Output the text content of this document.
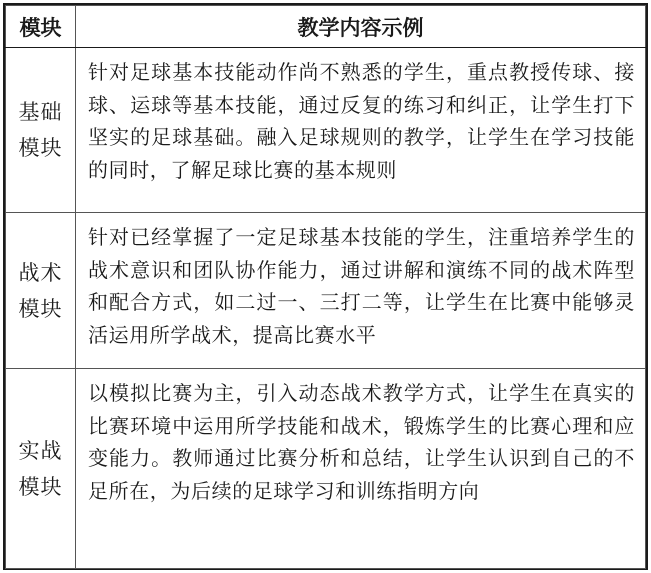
模块	教学内容示例

基础
模块	针对足球基本技能动作尚不熟悉的学生，重点教授传球、接球、运球等基本技能，通过反复的练习和纠正，让学生打下坚实的足球基础。融入足球规则的教学，让学生在学习技能的同时，了解足球比赛的基本规则

战术
模块	针对已经掌握了一定足球基本技能的学生，注重培养学生的战术意识和团队协作能力，通过讲解和演练不同的战术阵型和配合方式，如二过一、三打二等，让学生在比赛中能够灵活运用所学战术，提高比赛水平

实战
模块	以模拟比赛为主，引入动态战术教学方式，让学生在真实的比赛环境中运用所学技能和战术，锻炼学生的比赛心理和应变能力。教师通过比赛分析和总结，让学生认识到自己的不足所在，为后续的足球学习和训练指明方向
